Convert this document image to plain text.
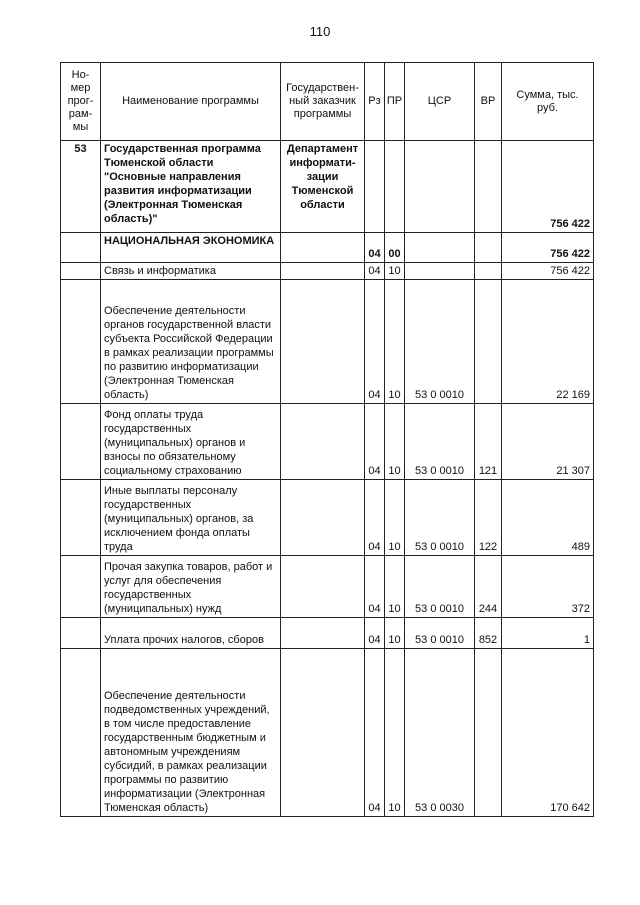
110
Но-мер прог-рам-мы	Наименование программы	Государствен-ный заказчик программы	Рз	ПР	ЦСР	ВР	Сумма, тыс. руб.
53	Государственная программа Тюменской области "Основные направления развития информатизации (Электронная Тюменская область)"	Департамент информати-зации Тюменской области					756 422
	НАЦИОНАЛЬНАЯ ЭКОНОМИКА		04	00			756 422
	Связь и информатика		04	10			756 422
	Обеспечение деятельности органов государственной власти субъекта Российской Федерации в рамках реализации программы по развитию информатизации (Электронная Тюменская область)		04	10	53 0 0010		22 169
	Фонд оплаты труда государственных (муниципальных) органов и взносы по обязательному социальному страхованию		04	10	53 0 0010	121	21 307
	Иные выплаты персоналу государственных (муниципальных) органов, за исключением фонда оплаты труда		04	10	53 0 0010	122	489
	Прочая закупка товаров, работ и услуг для обеспечения государственных (муниципальных) нужд		04	10	53 0 0010	244	372
	Уплата прочих налогов, сборов		04	10	53 0 0010	852	1
	Обеспечение деятельности подведомственных учреждений, в том числе предоставление государственным бюджетным и автономным учреждениям субсидий, в рамках реализации программы по развитию информатизации (Электронная Тюменская область)		04	10	53 0 0030		170 642
